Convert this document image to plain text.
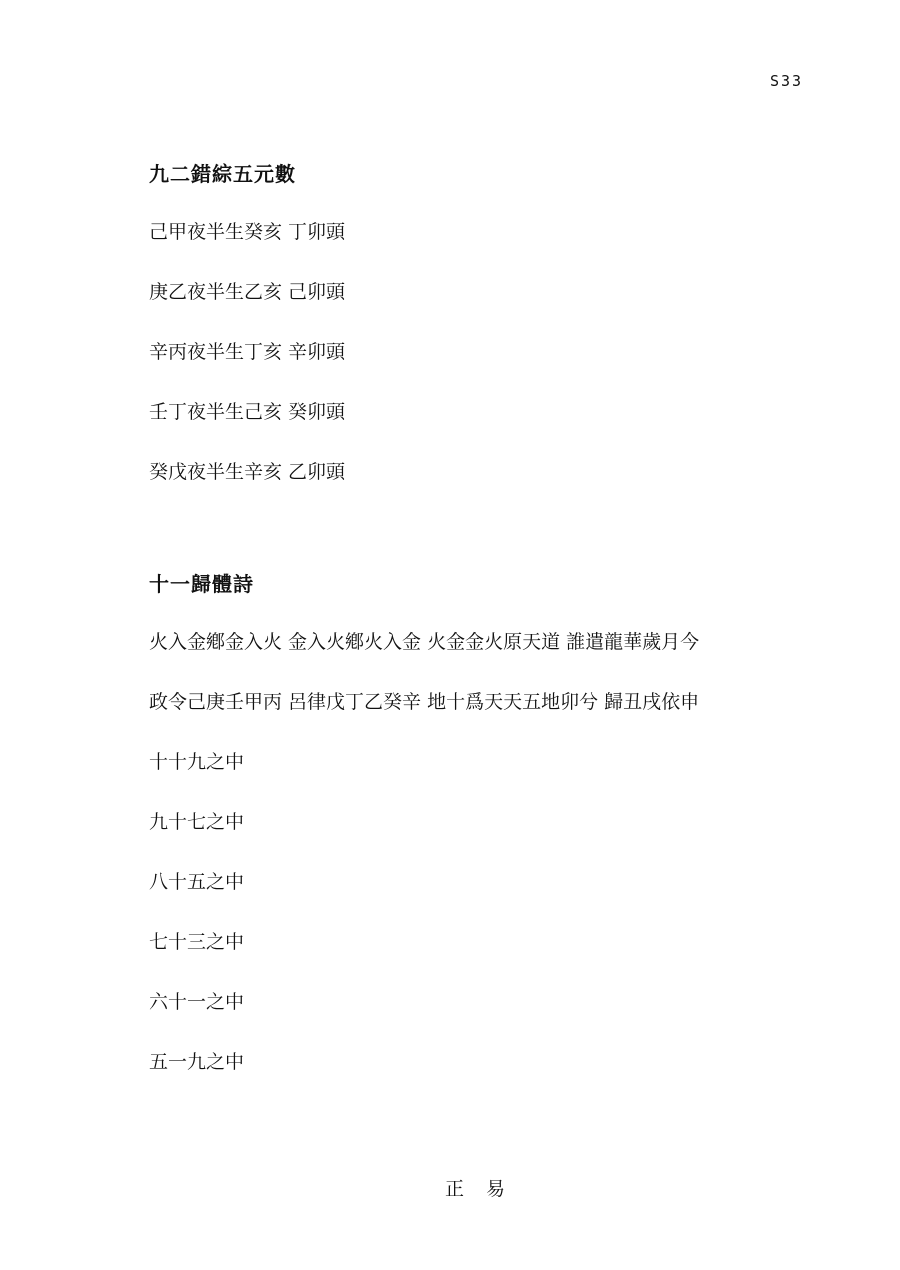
S33
九二錯綜五元數
己甲夜半生癸亥 丁卯頭
庚乙夜半生乙亥 己卯頭
辛丙夜半生丁亥 辛卯頭
壬丁夜半生己亥 癸卯頭
癸戊夜半生辛亥 乙卯頭
十一歸體詩
火入金鄕金入火 金入火鄕火入金 火金金火原天道 誰遣龍華歲月今
政令己庚壬甲丙 呂律戊丁乙癸辛 地十爲天天五地卯兮 歸丑戌依申
十十九之中
九十七之中
八十五之中
七十三之中
六十一之中
五一九之中
正易
